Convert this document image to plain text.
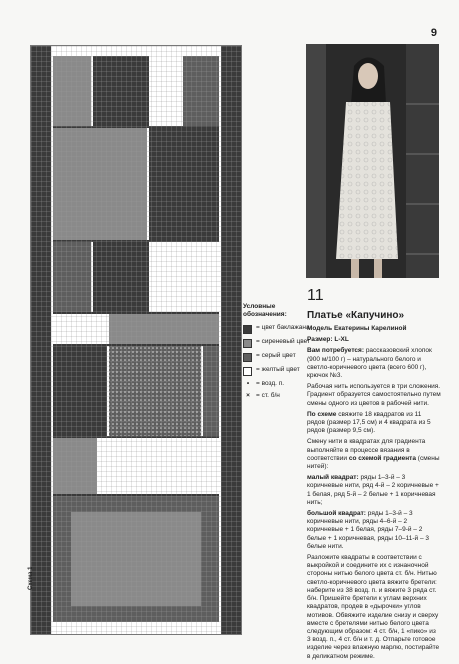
9
Схема 1
Условные обозначения:
= цвет баклажана
= сиреневый цвет
= серый цвет
= желтый цвет
•	= возд. п.
× = ст. б/н
11
Платье «Капучино»

Модель Екатерины Карелиной

Размер: L-XL

Вам потребуется: рассказовский хлопок (900 м/100 г) – натурального белого и светло-коричневого цвета (всего 600 г), крючок №3.

Рабочая нить используется в три сложения. Градиент образуется самостоятельно путем смены одного из цветов в рабочей нити.

По схеме свяжите 18 квадратов из 11 рядов (размер 17,5 см) и 4 квадрата из 5 рядов (размер 9,5 см).

Смену нити в квадратах для градиента выполняйте в процессе вязания в соответствии со схемой градиента (смены нитей):

малый квадрат: ряды 1–3-й – 3 коричневые нити, ряд 4-й – 2 коричневые + 1 белая, ряд 5-й – 2 белые + 1 коричневая нить;

большой квадрат: ряды 1–3-й – 3 коричневые нити, ряды 4–6-й – 2 коричневые + 1 белая, ряды 7–9-й – 2 белые + 1 коричневая, ряды 10–11-й – 3 белые нити.

Разложите квадраты в соответствии с выкройкой и соедините их с изнаночной стороны нитью белого цвета ст. б/н. Нитью светло-коричневого цвета вяжите бретели: наберите из 38 возд. п. и вяжите 3 ряда ст. б/н. Пришейте бретели к углам верхних квадратов, продев в «дырочки» углов мотивов. Обвяжите изделие снизу и сверху вместе с бретелями нитью белого цвета следующим образом: 4 ст. б/н, 1 «пико» из 3 возд. п., 4 ст. б/н и т. д. Отпарьте готовое изделие через влажную марлю, постирайте в деликатном режиме.
